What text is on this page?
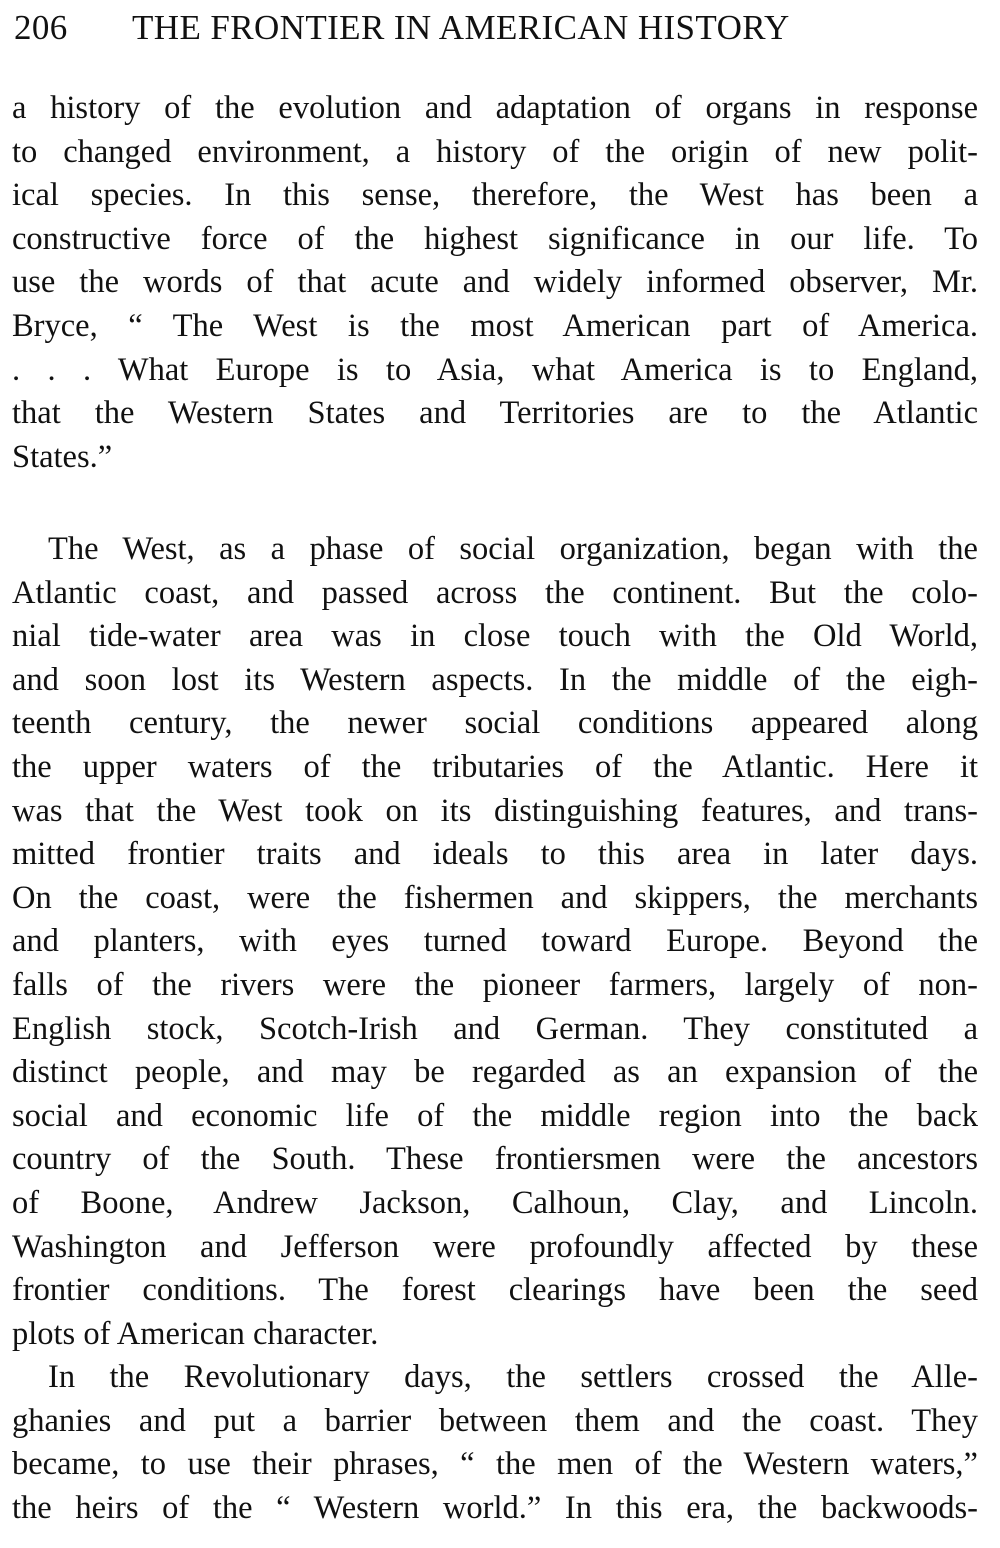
206 THE FRONTIER IN AMERICAN HISTORY
a history of the evolution and adaptation of organs in response
to changed environment, a history of the origin of new polit-
ical species. In this sense, therefore, the West has been a
constructive force of the highest significance in our life. To
use the words of that acute and widely informed observer, Mr.
Bryce, “ The West is the most American part of America.
. . . What Europe is to Asia, what America is to England,
that the Western States and Territories are to the Atlantic
States.”
The West, as a phase of social organization, began with the
Atlantic coast, and passed across the continent. But the colo-
nial tide-water area was in close touch with the Old World,
and soon lost its Western aspects. In the middle of the eigh-
teenth century, the newer social conditions appeared along
the upper waters of the tributaries of the Atlantic. Here it
was that the West took on its distinguishing features, and trans-
mitted frontier traits and ideals to this area in later days.
On the coast, were the fishermen and skippers, the merchants
and planters, with eyes turned toward Europe. Beyond the
falls of the rivers were the pioneer farmers, largely of non-
English stock, Scotch-Irish and German. They constituted a
distinct people, and may be regarded as an expansion of the
social and economic life of the middle region into the back
country of the South. These frontiersmen were the ancestors
of Boone, Andrew Jackson, Calhoun, Clay, and Lincoln.
Washington and Jefferson were profoundly affected by these
frontier conditions. The forest clearings have been the seed
plots of American character.
In the Revolutionary days, the settlers crossed the Alle-
ghanies and put a barrier between them and the coast. They
became, to use their phrases, “ the men of the Western waters,”
the heirs of the “ Western world.” In this era, the backwoods-
